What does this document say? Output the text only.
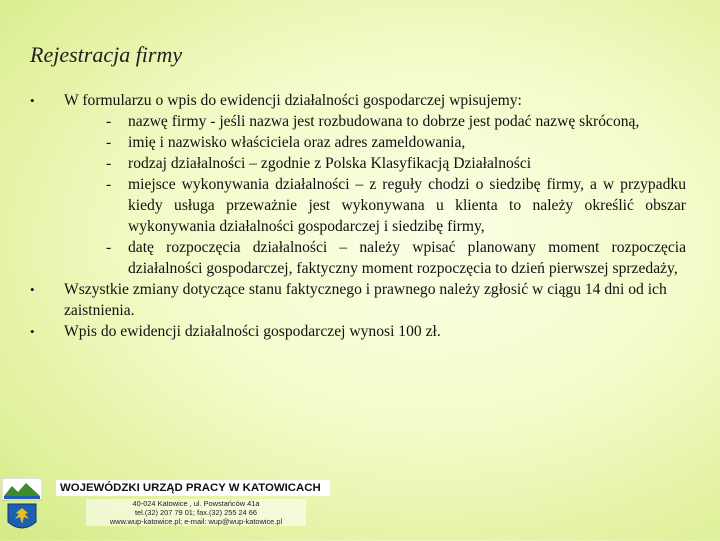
Rejestracja firmy
•	W formularzu o wpis do ewidencji działalności gospodarczej wpisujemy:
-	nazwę firmy - jeśli nazwa jest rozbudowana to dobrze jest podać nazwę skróconą,
-	imię i nazwisko właściciela oraz adres zameldowania,
-	rodzaj działalności – zgodnie z Polska Klasyfikacją Działalności
-	miejsce wykonywania działalności – z reguły chodzi o siedzibę firmy, a w przypadku kiedy usługa przeważnie jest wykonywana u klienta to należy określić obszar wykonywania działalności gospodarczej i siedzibę firmy,
-	datę rozpoczęcia działalności – należy wpisać planowany moment rozpoczęcia działalności gospodarczej, faktyczny moment rozpoczęcia to dzień pierwszej sprzedaży,
•	Wszystkie zmiany dotyczące stanu faktycznego i prawnego należy zgłosić w ciągu 14 dni od ich zaistnienia.
•	Wpis do ewidencji działalności gospodarczej wynosi 100 zł.
WOJEWÓDZKI URZĄD PRACY W KATOWICACH
40-024 Katowice , ul. Powstańców 41a
tel.(32) 207 79 01; fax.(32) 255 24 66
www.wup-katowice.pl; e-mail: wup@wup-katowice.pl
